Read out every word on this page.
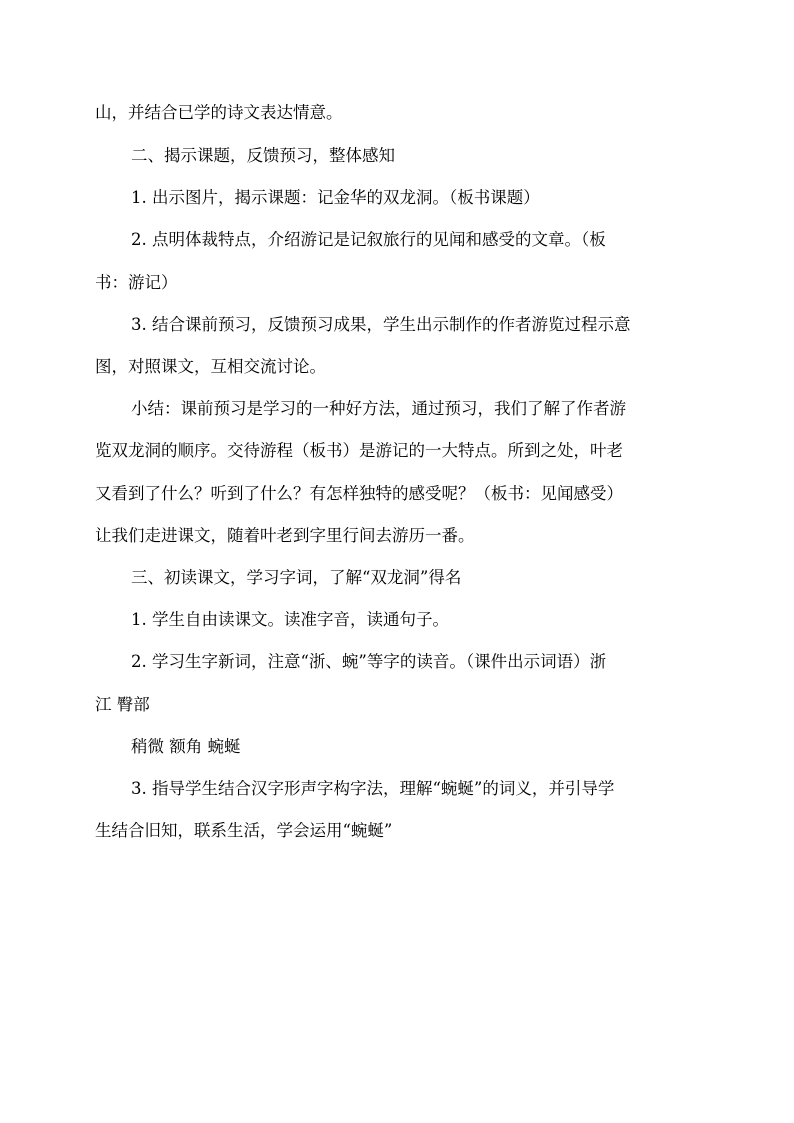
山，并结合已学的诗文表达情意。
二、揭示课题，反馈预习，整体感知
1. 出示图片，揭示课题：记金华的双龙洞。（板书课题）
2. 点明体裁特点，介绍游记是记叙旅行的见闻和感受的文章。（板
书：游记）
3. 结合课前预习，反馈预习成果，学生出示制作的作者游览过程示意
图，对照课文，互相交流讨论。
小结：课前预习是学习的一种好方法，通过预习，我们了解了作者游
览双龙洞的顺序。交待游程（板书）是游记的一大特点。所到之处，叶老
又看到了什么？听到了什么？有怎样独特的感受呢？（板书：见闻感受）
让我们走进课文，随着叶老到字里行间去游历一番。
三、初读课文，学习字词，了解“双龙洞”得名
1. 学生自由读课文。读准字音，读通句子。
2. 学习生字新词，注意“浙、蜿”等字的读音。（课件出示词语）浙
江 臀部
稍微 额角 蜿蜒
3. 指导学生结合汉字形声字构字法，理解“蜿蜒”的词义，并引导学
生结合旧知，联系生活，学会运用“蜿蜒”
